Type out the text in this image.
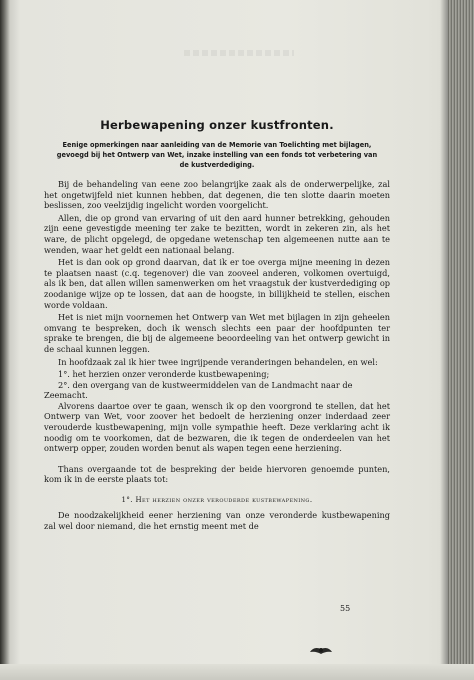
Herbewapening onzer kustfronten.
Eenige opmerkingen naar aanleiding van de Memorie van Toelichting met bijlagen, gevoegd bij het Ontwerp van Wet, inzake instelling van een fonds tot verbetering van de kustverdediging.

Bij de behandeling van eene zoo belangrijke zaak als de onderwerpelijke, zal het ongetwijfeld niet kunnen hebben, dat degenen, die ten slotte daarin moeten beslissen, zoo veelzijdig ingelicht worden voorgelicht.

Allen, die op grond van ervaring of uit den aard hunner betrekking, gehouden zijn eene gevestigde meening ter zake te bezitten, wordt in zekeren zin, als het ware, de plicht opgelegd, de opgedane wetenschap ten algemeenen nutte aan te wenden, waar het geldt een nationaal belang.

Het is dan ook op grond daarvan, dat ik er toe overga mijne meening in dezen te plaatsen naast (c.q. tegenover) die van zooveel anderen, volkomen overtuigd, als ik ben, dat allen willen samenwerken om het vraagstuk der kustverdediging op zoodanige wijze op te lossen, dat aan de hoogste, in billijkheid te stellen, eischen worde voldaan.

Het is niet mijn voornemen het Ontwerp van Wet met bijlagen in zijn geheelen omvang te bespreken, doch ik wensch slechts een paar der hoofdpunten ter sprake te brengen, die bij de algemeene beoordeeling van het ontwerp gewicht in de schaal kunnen leggen.

In hoofdzaak zal ik hier twee ingrijpende veranderingen behandelen, en wel:

1°. het herzien onzer veronderde kustbewapening;

2°. den overgang van de kustweermiddelen van de Landmacht naar de Zeemacht.

Alvorens daartoe over te gaan, wensch ik op den voorgrond te stellen, dat het Ontwerp van Wet, voor zoover het bedoelt de herziening onzer inderdaad zeer verouderde kustbewapening, mijn volle sympathie heeft. Deze verklaring acht ik noodig om te voorkomen, dat de bezwaren, die ik tegen de onderdeelen van het ontwerp opper, zouden worden benut als wapen tegen eene herziening.

Thans overgaande tot de bespreking der beide hiervoren genoemde punten, kom ik in de eerste plaats tot:

1°. Het herzien onzer verouderde kustbewapening.

De noodzakelijkheid eener herziening van onze veronderde kustbewapening zal wel door niemand, die het ernstig meent met de

55
